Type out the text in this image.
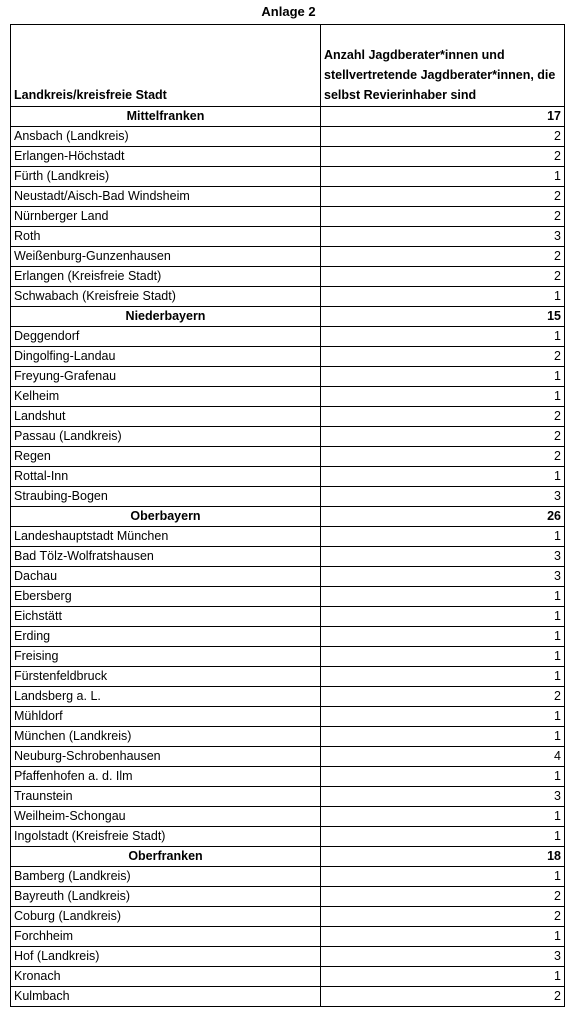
Anlage 2
Landkreis/kreisfreie Stadt	Anzahl Jagdberater*innen und stellvertretende Jagdberater*innen, die selbst Revierinhaber sind
Mittelfranken	17
Ansbach (Landkreis)	2
Erlangen-Höchstadt	2
Fürth (Landkreis)	1
Neustadt/Aisch-Bad Windsheim	2
Nürnberger Land	2
Roth	3
Weißenburg-Gunzenhausen	2
Erlangen (Kreisfreie Stadt)	2
Schwabach (Kreisfreie Stadt)	1
Niederbayern	15
Deggendorf	1
Dingolfing-Landau	2
Freyung-Grafenau	1
Kelheim	1
Landshut	2
Passau (Landkreis)	2
Regen	2
Rottal-Inn	1
Straubing-Bogen	3
Oberbayern	26
Landeshauptstadt München	1
Bad Tölz-Wolfratshausen	3
Dachau	3
Ebersberg	1
Eichstätt	1
Erding	1
Freising	1
Fürstenfeldbruck	1
Landsberg a. L.	2
Mühldorf	1
München (Landkreis)	1
Neuburg-Schrobenhausen	4
Pfaffenhofen a. d. Ilm	1
Traunstein	3
Weilheim-Schongau	1
Ingolstadt (Kreisfreie Stadt)	1
Oberfranken	18
Bamberg (Landkreis)	1
Bayreuth (Landkreis)	2
Coburg (Landkreis)	2
Forchheim	1
Hof (Landkreis)	3
Kronach	1
Kulmbach	2
